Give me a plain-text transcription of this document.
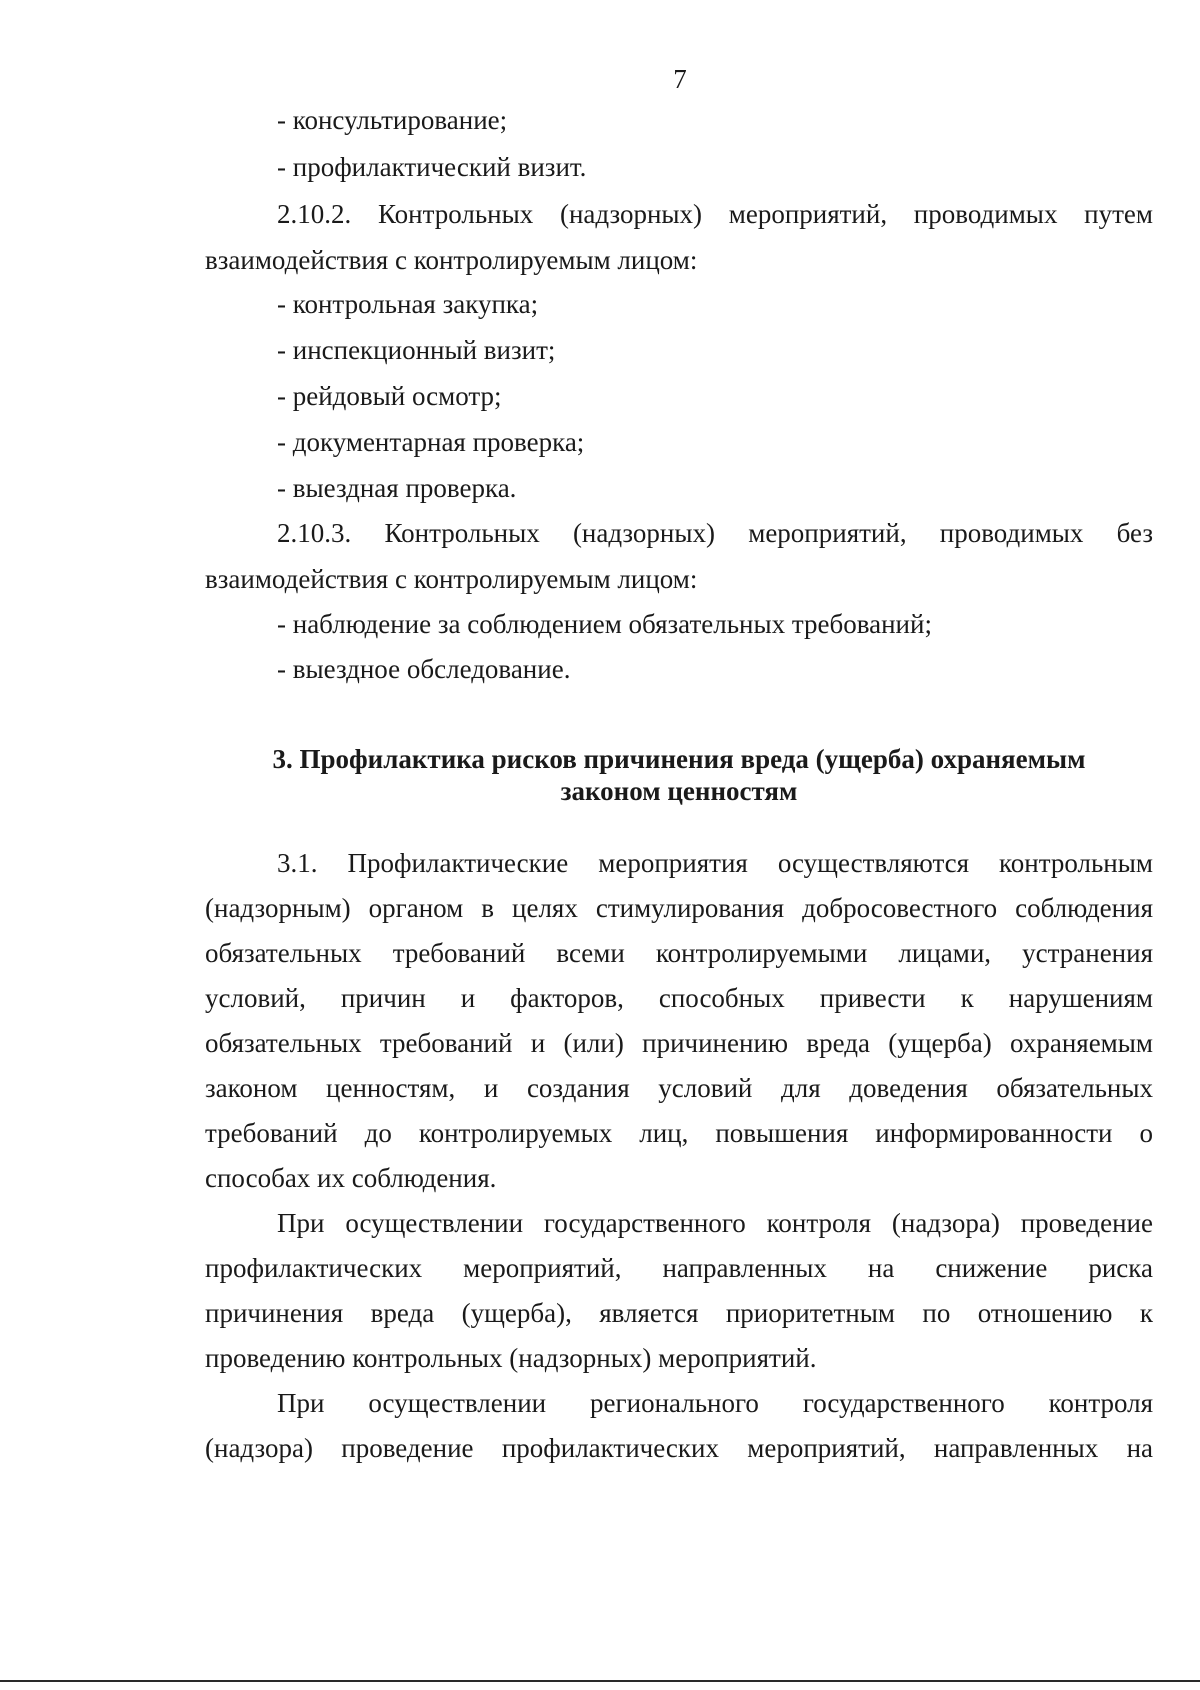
7
- консультирование;
- профилактический визит.
2.10.2. Контрольных (надзорных) мероприятий, проводимых путем
взаимодействия с контролируемым лицом:
- контрольная закупка;
- инспекционный визит;
- рейдовый осмотр;
- документарная проверка;
- выездная проверка.
2.10.3. Контрольных (надзорных) мероприятий, проводимых без
взаимодействия с контролируемым лицом:
- наблюдение за соблюдением обязательных требований;
- выездное обследование.
3. Профилактика рисков причинения вреда (ущерба) охраняемым
законом ценностям
3.1. Профилактические мероприятия осуществляются контрольным
(надзорным) органом в целях стимулирования добросовестного соблюдения
обязательных требований всеми контролируемыми лицами, устранения
условий, причин и факторов, способных привести к нарушениям
обязательных требований и (или) причинению вреда (ущерба) охраняемым
законом ценностям, и создания условий для доведения обязательных
требований до контролируемых лиц, повышения информированности о
способах их соблюдения.
При осуществлении государственного контроля (надзора) проведение
профилактических мероприятий, направленных на снижение риска
причинения вреда (ущерба), является приоритетным по отношению к
проведению контрольных (надзорных) мероприятий.
При осуществлении регионального государственного контроля
(надзора) проведение профилактических мероприятий, направленных на
